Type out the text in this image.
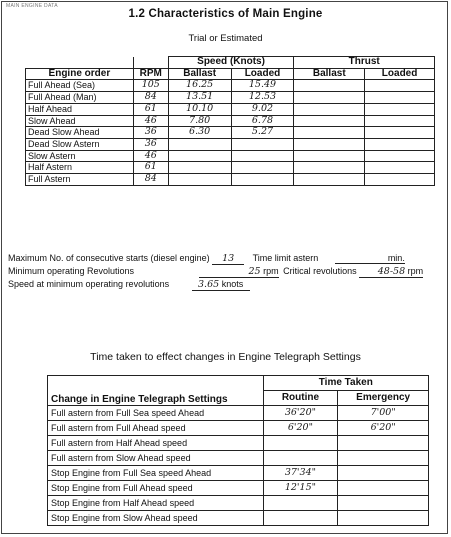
MAIN ENGINE DATA
1.2 Characteristics of Main Engine
Trial or Estimated
		Speed (Knots)		Thrust	
Engine order	RPM	Ballast	Loaded	Ballast	Loaded
Full Ahead (Sea)	105	16.25	15.49		
Full Ahead (Man)	84	13.51	12.53		
Half Ahead	61	10.10	9.02		
Slow Ahead	46	7.80	6.78		
Dead Slow Ahead	36	6.30	5.27		
Dead Slow Astern	36				
Slow Astern	46				
Half Astern	61				
Full Astern	84				
Maximum No. of consecutive starts (diesel engine) 13 Time limit astern	min.
Minimum operating Revolutions	25 rpm Critical revolutions 48-58 rpm
Speed at minimum operating revolutions	3.65 knots
Time taken to effect changes in Engine Telegraph Settings
Change in Engine Telegraph Settings	Time Taken	
	Routine	Emergency
Full astern from Full Sea speed Ahead	36'20"	7'00"
Full astern from Full Ahead speed	6'20"	6'20"
Full astern from Half Ahead speed		
Full astern from Slow Ahead speed		
Stop Engine from Full Sea speed Ahead	37'34"	
Stop Engine from Full Ahead speed	12'15"	
Stop Engine from Half Ahead speed		
Stop Engine from Slow Ahead speed		
